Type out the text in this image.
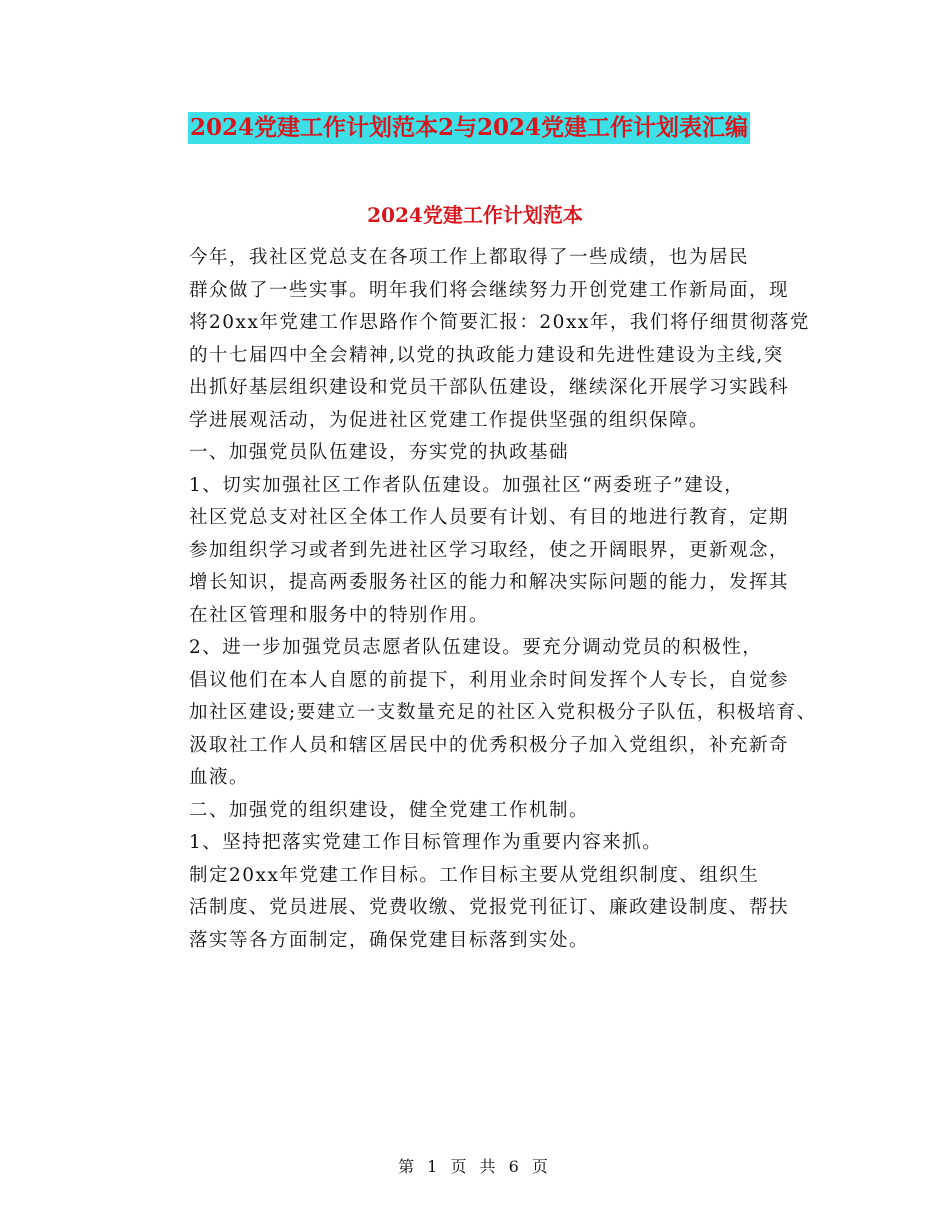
2024党建工作计划范本2与2024党建工作计划表汇编
2024党建工作计划范本
今年，我社区党总支在各项工作上都取得了一些成绩，也为居民
群众做了一些实事。明年我们将会继续努力开创党建工作新局面，现
将20xx年党建工作思路作个简要汇报：20xx年，我们将仔细贯彻落党
的十七届四中全会精神,以党的执政能力建设和先进性建设为主线,突
出抓好基层组织建设和党员干部队伍建设，继续深化开展学习实践科
学进展观活动，为促进社区党建工作提供坚强的组织保障。
一、加强党员队伍建设，夯实党的执政基础
1、切实加强社区工作者队伍建设。加强社区“两委班子”建设，
社区党总支对社区全体工作人员要有计划、有目的地进行教育，定期
参加组织学习或者到先进社区学习取经，使之开阔眼界，更新观念，
增长知识，提高两委服务社区的能力和解决实际问题的能力，发挥其
在社区管理和服务中的特别作用。
2、进一步加强党员志愿者队伍建设。要充分调动党员的积极性，
倡议他们在本人自愿的前提下，利用业余时间发挥个人专长，自觉参
加社区建设;要建立一支数量充足的社区入党积极分子队伍，积极培育、
汲取社工作人员和辖区居民中的优秀积极分子加入党组织，补充新奇
血液。
二、加强党的组织建设，健全党建工作机制。
1、坚持把落实党建工作目标管理作为重要内容来抓。
制定20xx年党建工作目标。工作目标主要从党组织制度、组织生
活制度、党员进展、党费收缴、党报党刊征订、廉政建设制度、帮扶
落实等各方面制定，确保党建目标落到实处。
第 1 页 共 6 页
